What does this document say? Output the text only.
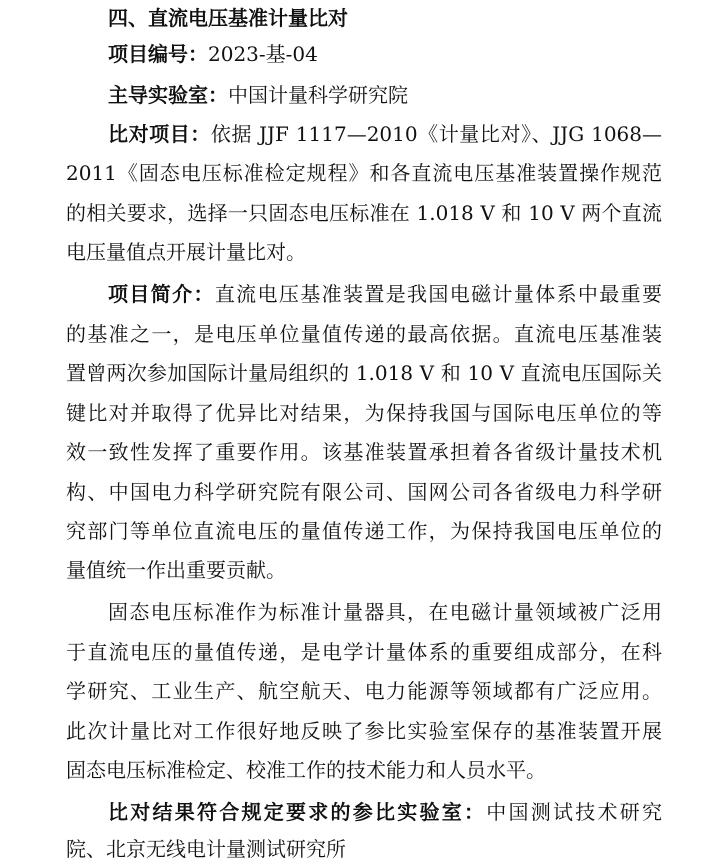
四、直流电压基准计量比对
项目编号：2023-基-04
主导实验室：中国计量科学研究院
比对项目：依据 JJF 1117—2010《计量比对》、JJG 1068—
2011《固态电压标准检定规程》和各直流电压基准装置操作规范
的相关要求，选择一只固态电压标准在 1.018 V 和 10 V 两个直流
电压量值点开展计量比对。
项目简介：直流电压基准装置是我国电磁计量体系中最重要
的基准之一，是电压单位量值传递的最高依据。直流电压基准装
置曾两次参加国际计量局组织的 1.018 V 和 10 V 直流电压国际关
键比对并取得了优异比对结果，为保持我国与国际电压单位的等
效一致性发挥了重要作用。该基准装置承担着各省级计量技术机
构、中国电力科学研究院有限公司、国网公司各省级电力科学研
究部门等单位直流电压的量值传递工作，为保持我国电压单位的
量值统一作出重要贡献。
固态电压标准作为标准计量器具，在电磁计量领域被广泛用
于直流电压的量值传递，是电学计量体系的重要组成部分，在科
学研究、工业生产、航空航天、电力能源等领域都有广泛应用。
此次计量比对工作很好地反映了参比实验室保存的基准装置开展
固态电压标准检定、校准工作的技术能力和人员水平。
比对结果符合规定要求的参比实验室：中国测试技术研究
院、北京无线电计量测试研究所
